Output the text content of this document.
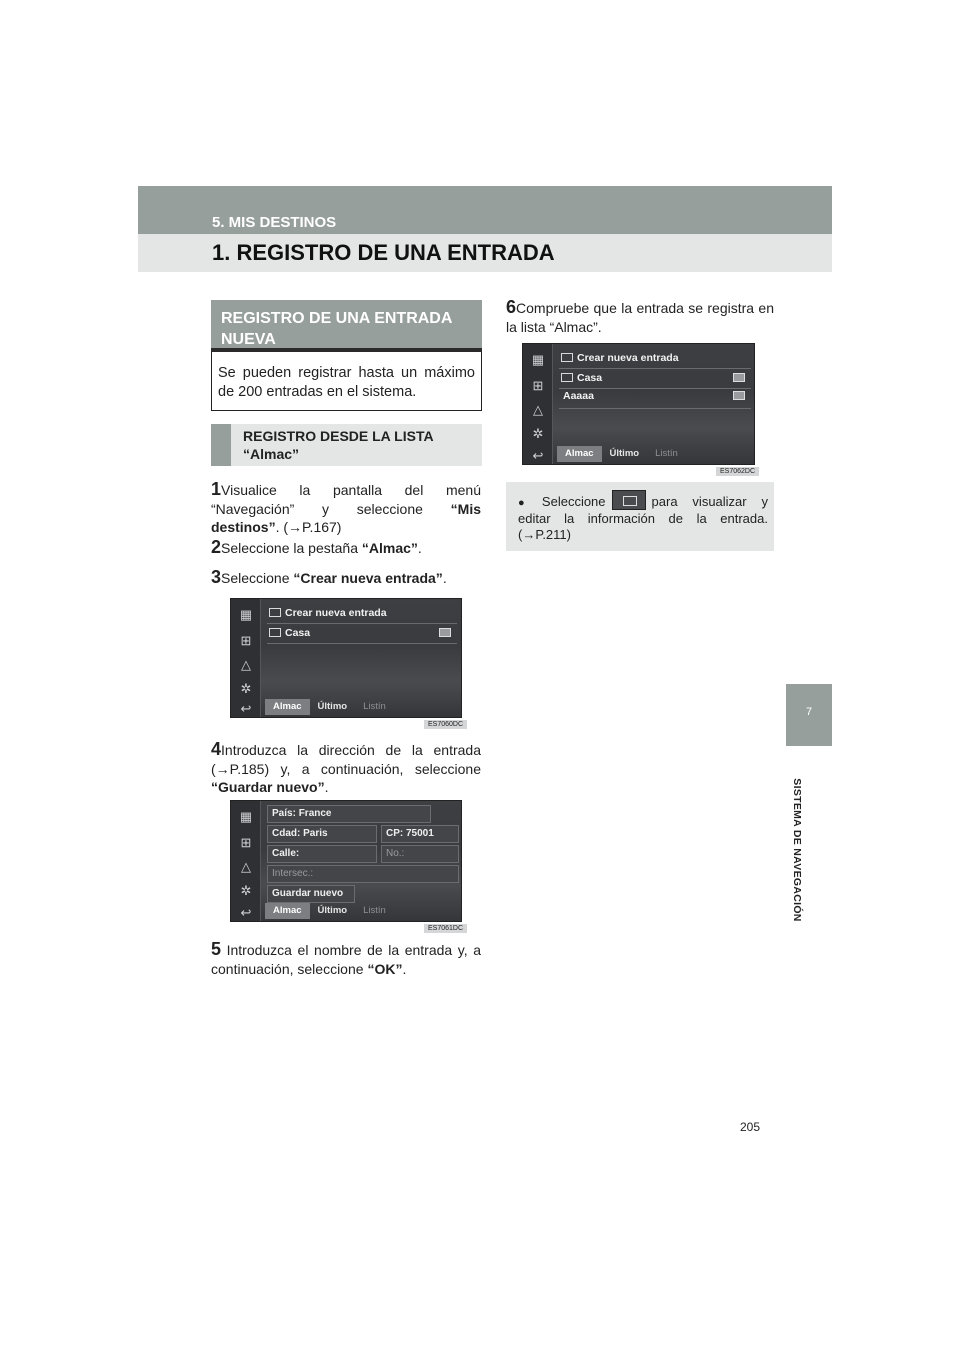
5. MIS DESTINOS
1. REGISTRO DE UNA ENTRADA
7
SISTEMA DE NAVEGACIÓN
REGISTRO DE UNA ENTRADA NUEVA
Se pueden registrar hasta un máximo de 200 entradas en el sistema.
REGISTRO DESDE LA LISTA “Almac”
1Visualice la pantalla del menú “Navegación” y seleccione “Mis destinos”. (→P.167)
2Seleccione la pestaña “Almac”.
3Seleccione “Crear nueva entrada”.
▦
⊞
△
✲
↩
Crear nueva entrada
Casa
Almac	Último	Listín
ES7060DC
4Introduzca la dirección de la entrada (→P.185) y, a continuación, seleccione “Guardar nuevo”.
▦
⊞
△
✲
↩
País: France
Cdad: Paris	CP: 75001
Calle:	No.:
Intersec.:
Guardar nuevo
Almac	Último	Listín
ES7061DC
5 Introduzca el nombre de la entrada y, a continuación, seleccione “OK”.
6Compruebe que la entrada se registra en la lista “Almac”.
▦
⊞
△
✲
↩
Crear nueva entrada
Casa
Aaaaa
Almac	Último	Listín
ES7062DC
● Seleccione	para visualizar y editar la información de la entrada. (→P.211)
205
